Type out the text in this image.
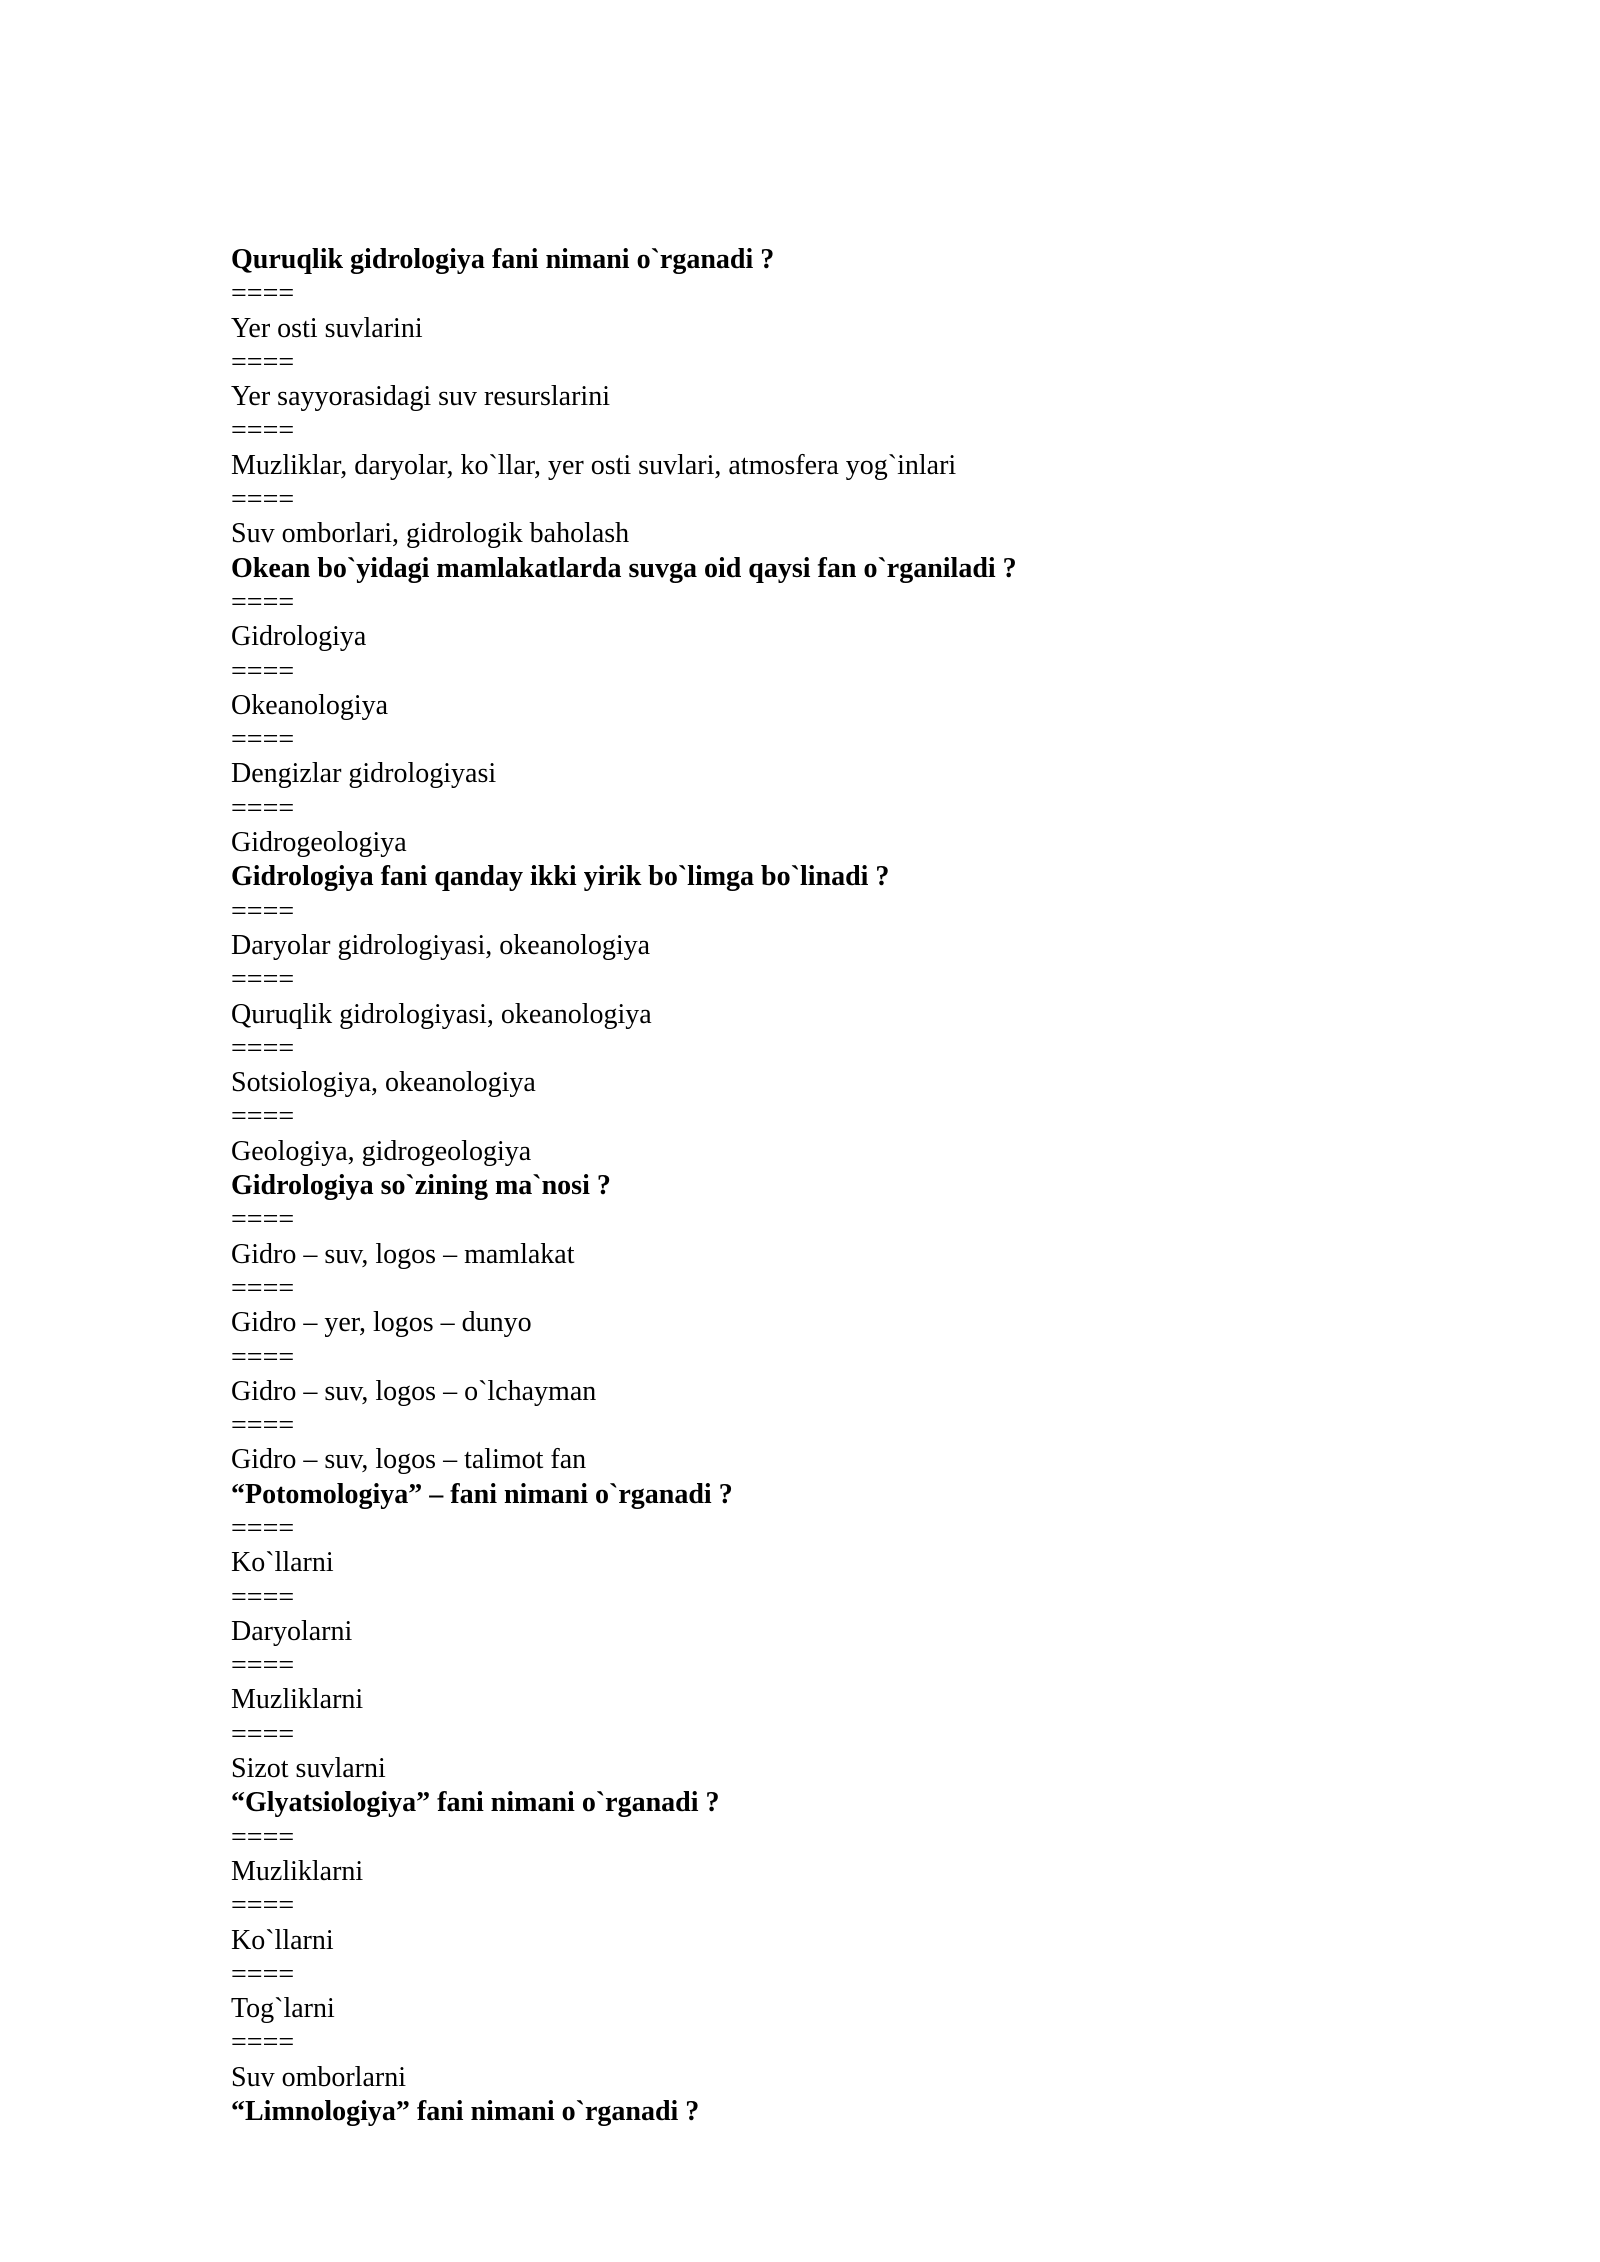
Quruqlik gidrologiya fani nimani o`rganadi ?
====
Yer osti suvlarini
====
Yer sayyorasidagi suv resurslarini
====
Muzliklar, daryolar, ko`llar, yer osti suvlari, atmosfera yog`inlari
====
Suv omborlari, gidrologik baholash
Okean bo`yidagi mamlakatlarda suvga oid qaysi fan o`rganiladi ?
====
Gidrologiya
====
Okeanologiya
====
Dengizlar gidrologiyasi
====
Gidrogeologiya
Gidrologiya fani qanday ikki yirik bo`limga bo`linadi ?
====
Daryolar gidrologiyasi, okeanologiya
====
Quruqlik gidrologiyasi, okeanologiya
====
Sotsiologiya, okeanologiya
====
Geologiya, gidrogeologiya
Gidrologiya so`zining ma`nosi ?
====
Gidro – suv, logos – mamlakat
====
Gidro – yer, logos – dunyo
====
Gidro – suv, logos – o`lchayman
====
Gidro – suv, logos – talimot fan
“Potomologiya” – fani nimani o`rganadi ?
====
Ko`llarni
====
Daryolarni
====
Muzliklarni
====
Sizot suvlarni
“Glyatsiologiya” fani nimani o`rganadi ?
====
Muzliklarni
====
Ko`llarni
====
Tog`larni
====
Suv omborlarni
“Limnologiya” fani nimani o`rganadi ?
